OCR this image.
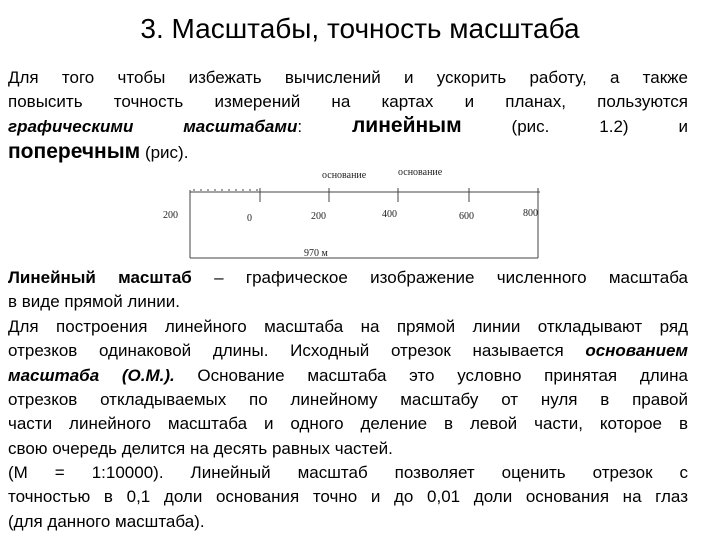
3. Масштабы, точность масштаба
Для того чтобы избежать вычислений и ускорить работу, а также
повысить точность измерений на картах и планах, пользуются
графическими	масштабами: линейным	(рис.	1.2)	и
поперечным (рис).
основание	основание
200	0	200	400	600	800
970 м
Линейный масштаб – графическое изображение численного масштаба
в виде прямой линии.
Для построения линейного масштаба на прямой линии откладывают ряд
отрезков одинаковой длины. Исходный отрезок называется основанием
масштаба (О.М.). Основание масштаба это условно принятая длина
отрезков откладываемых по линейному масштабу от нуля в правой
части линейного масштаба и одного деление в левой части, которое в
свою очередь делится на десять равных частей.
(М = 1:10000). Линейный масштаб позволяет оценить отрезок с
точностью в 0,1 доли основания точно и до 0,01 доли основания на глаз
(для данного масштаба).
